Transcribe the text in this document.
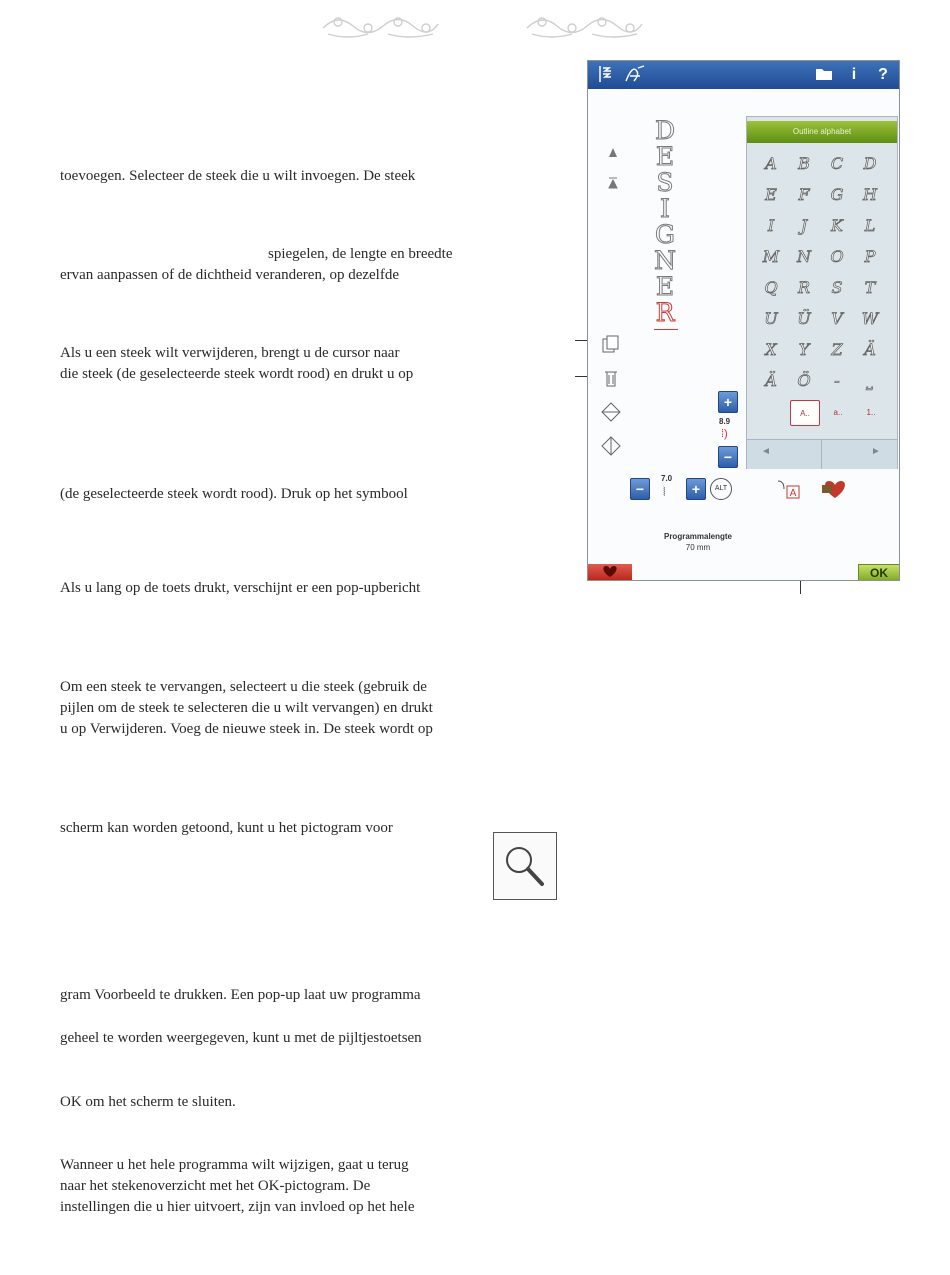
toevoegen. Selecteer de steek die u wilt invoegen. De steek
spiegelen, de lengte en breedte
ervan aanpassen of de dichtheid veranderen, op dezelfde
Als u een steek wilt verwijderen, brengt u de cursor naar
die steek (de geselecteerde steek wordt rood) en drukt u op
(de geselecteerde steek wordt rood). Druk op het symbool
Als u lang op de toets drukt, verschijnt er een pop-upbericht
Om een steek te vervangen, selecteert u die steek (gebruik de
pijlen om de steek te selecteren die u wilt vervangen) en drukt
u op Verwijderen. Voeg de nieuwe steek in. De steek wordt op
scherm kan worden getoond, kunt u het pictogram voor
gram Voorbeeld te drukken. Een pop-up laat uw programma
geheel te worden weergegeven, kunt u met de pijltjestoetsen
OK om het scherm te sluiten.
Wanneer u het hele programma wilt wijzigen, gaat u terug
naar het stekenoverzicht met het OK-pictogram. De
instellingen die u hier uitvoert, zijn van invloed op het hele
i	?
D
E
S
I
G
N
E
R
Outline alphabet
A	B	C	D
E	F	G	H
I	J	K	L
M	N	O	P
Q	R	S	T
U	Ü	V	W
X	Y	Z	Ä
Ä	Ö	-	⎵
A..	a..	1..
◄	►
+
8.9
⁞)
−
−
7.0
⦚	+	ALT	A
Programmalengte
70 mm
OK
